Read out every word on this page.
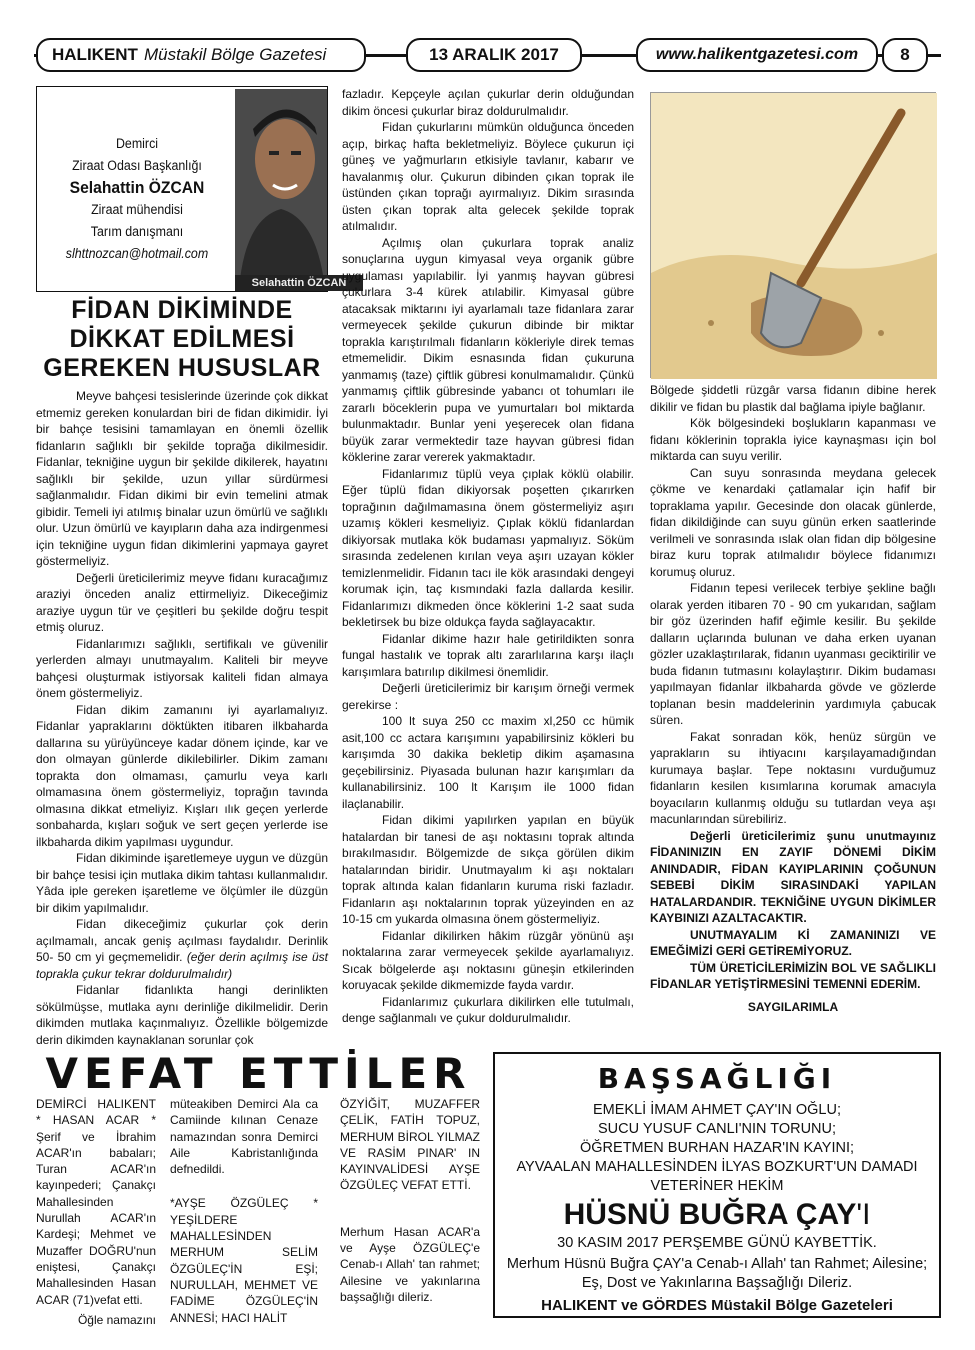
HALIKENT Müstakil Bölge Gazetesi	13 ARALIK 2017	www.halikentgazetesi.com	8
Demirci
Ziraat Odası Başkanlığı
Selahattin ÖZCAN
Ziraat mühendisi
Tarım danışmanı
slhttnozcan@hotmail.com
Selahattin ÖZCAN
FİDAN DİKİMİNDE DİKKAT EDİLMESİ GEREKEN HUSUSLAR

Meyve bahçesi tesislerinde üzerinde çok dikkat etmemiz gereken konulardan biri de fidan dikimidir. İyi bir bahçe tesisini tamamlayan en önemli özellik fidanların sağlıklı bir şekilde toprağa dikilmesidir. Fidanlar, tekniğine uygun bir şekilde dikilerek, hayatını sağlıklı bir şekilde, uzun yıllar sürdürmesi sağlanmalıdır. Fidan dikimi bir evin temelini atmak gibidir. Temeli iyi atılmış binalar uzun ömürlü ve sağlıklı olur. Uzun ömürlü ve kayıpların daha aza indirgenmesi için tekniğine uygun fidan dikimlerini yapmaya gayret göstermeliyiz.

Değerli üreticilerimiz meyve fidanı kuracağımız araziyi önceden analiz ettirmeliyiz. Dikeceğimiz araziye uygun tür ve çeşitleri bu şekilde doğru tespit etmiş oluruz.

Fidanlarımızı sağlıklı, sertifikalı ve güvenilir yerlerden almayı unutmayalım. Kaliteli bir meyve bahçesi oluşturmak istiyorsak kaliteli fidan almaya önem göstermeliyiz.

Fidan dikim zamanını iyi ayarlamalıyız. Fidanlar yapraklarını döktükten itibaren ilkbaharda dallarına su yürüyünceye kadar dönem içinde, kar ve don olmayan günlerde dikilebilirler. Dikim zamanı toprakta don olmaması, çamurlu veya karlı olmamasına önem göstermeliyiz, toprağın tavında olmasına dikkat etmeliyiz. Kışları ılık geçen yerlerde sonbaharda, kışları soğuk ve sert geçen yerlerde ise ilkbaharda dikim yapılması uygundur.

Fidan dikiminde işaretlemeye uygun ve düzgün bir bahçe tesisi için mutlaka dikim tahtası kullanmalıdır. Yâda iple gereken işaretleme ve ölçümler ile düzgün bir dikim yapılmalıdır.

Fidan dikeceğimiz çukurlar çok derin açılmamalı, ancak geniş açılması faydalıdır. Derinlik 50- 50 cm yi geçmemelidir. (eğer derin açılmış ise üst toprakla çukur tekrar doldurulmalıdır)

Fidanlar fidanlıkta hangi derinlikten sökülmüşse, mutlaka aynı derinliğe dikilmelidir. Derin dikimden mutlaka kaçınmalıyız. Özellikle bölgemizde derin dikimden kaynaklanan sorunlar çok

fazladır. Kepçeyle açılan çukurlar derin olduğundan dikim öncesi çukurlar biraz doldurulmalıdır.

Fidan çukurlarını mümkün olduğunca önceden açıp, birkaç hafta bekletmeliyiz. Böylece çukurun içi güneş ve yağmurların etkisiyle tavlanır, kabarır ve havalanmış olur. Çukurun dibinden çıkan toprak ile üstünden çıkan toprağı ayırmalıyız. Dikim sırasında üsten çıkan toprak alta gelecek şekilde toprak atılmalıdır.

Açılmış olan çukurlara toprak analiz sonuçlarına uygun kimyasal veya organik gübre uygulaması yapılabilir. İyi yanmış hayvan gübresi çukurlara 3-4 kürek atılabilir. Kimyasal gübre atacaksak miktarını iyi ayarlamalı taze fidanlara zarar vermeyecek şekilde çukurun dibinde bir miktar toprakla karıştırılmalı fidanların kökleriyle direk temas etmemelidir. Dikim esnasında fidan çukuruna yanmamış (taze) çiftlik gübresi konulmamalıdır. Çünkü yanmamış çiftlik gübresinde yabancı ot tohumları ile zararlı böceklerin pupa ve yumurtaları bol miktarda bulunmaktadır. Bunlar yeni yeşerecek olan fidana büyük zarar vermektedir taze hayvan gübresi fidan köklerine zarar vererek yakmaktadır.

Fidanlarımız tüplü veya çıplak köklü olabilir. Eğer tüplü fidan dikiyorsak poşetten çıkarırken toprağının dağılmamasına önem göstermeliyiz aşırı uzamış kökleri kesmeliyiz. Çıplak köklü fidanlardan dikiyorsak mutlaka kök budaması yapmalıyız. Söküm sırasında zedelenen kırılan veya aşırı uzayan kökler temizlenmelidir. Fidanın tacı ile kök arasındaki dengeyi korumak için, taç kısmındaki fazla dallarda kesilir. Fidanlarımızı dikmeden önce köklerini 1-2 saat suda bekletirsek bu bize oldukça fayda sağlayacaktır.

Fidanlar dikime hazır hale getirildikten sonra fungal hastalık ve toprak altı zararlılarına karşı ilaçlı karışımlara batırılıp dikilmesi önemlidir.

Değerli üreticilerimiz bir karışım örneği vermek gerekirse :

100 lt suya 250 cc maxim xl,250 cc hümik asit,100 cc actara karışımını yapabilirsiniz kökleri bu karışımda 30 dakika bekletip dikim aşamasına geçebilirsiniz. Piyasada bulunan hazır karışımları da kullanabilirsiniz. 100 lt Karışım ile 1000 fidan ilaçlanabilir.

Fidan dikimi yapılırken yapılan en büyük hatalardan bir tanesi de aşı noktasını toprak altında bırakılmasıdır. Bölgemizde de sıkça görülen dikim hatalarından biridir. Unutmayalım ki aşı noktaları toprak altında kalan fidanların kuruma riski fazladır. Fidanların aşı noktalarının toprak yüzeyinden en az 10-15 cm yukarda olmasına önem göstermeliyiz.

Fidanlar dikilirken hâkim rüzgâr yönünü aşı noktalarına zarar vermeyecek şekilde ayarlamalıyız. Sıcak bölgelerde aşı noktasını güneşin etkilerinden koruyacak şekilde dikmemizde fayda vardır.

Fidanlarımız çukurlara dikilirken elle tutulmalı, denge sağlanmalı ve çukur doldurulmalıdır.

Bölgede şiddetli rüzgâr varsa fidanın dibine herek dikilir ve fidan bu plastik dal bağlama ipiyle bağlanır.

Kök bölgesindeki boşlukların kapanması ve fidanı köklerinin toprakla iyice kaynaşması için bol miktarda can suyu verilir.

Can suyu sonrasında meydana gelecek çökme ve kenardaki çatlamalar için hafif bir topraklama yapılır. Gecesinde don olacak günlerde, fidan dikildiğinde can suyu günün erken saatlerinde verilmeli ve sonrasında ıslak olan fidan dip bölgesine biraz kuru toprak atılmalıdır böylece fidanımızı korumuş oluruz.

Fidanın tepesi verilecek terbiye şekline bağlı olarak yerden itibaren 70 - 90 cm yukarıdan, sağlam bir göz üzerinden hafif eğimle kesilir. Bu şekilde dalların uçlarında bulunan ve daha erken uyanan gözler uzaklaştırılarak, fidanın uyanması geciktirilir ve buda fidanın tutmasını kolaylaştırır. Dikim budaması yapılmayan fidanlar ilkbaharda gövde ve gözlerde toplanan besin maddelerinin yardımıyla çabucak süren.

Fakat sonradan kök, henüz sürgün ve yaprakların su ihtiyacını karşılayamadığından kurumaya başlar. Tepe noktasını vurduğumuz fidanların kesilen kısımlarına korumak amacıyla boyacıların kullanmış olduğu su tutlardan veya aşı macunlarından sürebiliriz.

Değerli üreticilerimiz şunu unutmayınız FİDANINIZIN EN ZAYIF DÖNEMİ DİKİM ANINDADIR, FİDAN KAYIPLARININ ÇOĞUNUN SEBEBİ DİKİM SIRASINDAKİ YAPILAN HATALARDANDIR. TEKNİĞİNE UYGUN DİKİMLER KAYBINIZI AZALTACAKTIR.

UNUTMAYALIM Kİ ZAMANINIZI VE EMEĞİMİZİ GERİ GETİREMİYORUZ.

TÜM ÜRETİCİLERİMİZİN BOL VE SAĞLIKLI FİDANLAR YETİŞTİRMESİNİ TEMENNİ EDERİM.

SAYGILARIMLA

VEFAT ETTİLER

DEMİRCİ HALIKENT * HASAN ACAR * Şerif ve İbrahim ACAR'ın babaları; Turan ACAR'ın kayınpederi; Çanakçı Mahallesinden Nurullah ACAR'ın Kardeşi; Mehmet ve Muzaffer DOĞRU'nun eniştesi, Çanakçı Mahallesinden Hasan ACAR (71)vefat etti.

Öğle namazını

müteakiben Demirci Ala ca Camiinde kılınan Cenaze namazından sonra Demirci Aile Kabristanlığında defnedildi.

*AYŞE ÖZGÜLEÇ * YEŞİLDERE MAHALLESİNDEN MERHUM SELİM ÖZGÜLEÇ'İN EŞİ; NURULLAH, MEHMET VE FADİME ÖZGÜLEÇ'İN ANNESİ; HACI HALİT

ÖZYİĞİT, MUZAFFER ÇELİK, FATİH TOPUZ, MERHUM BİROL YILMAZ VE RASİM PINAR' IN KAYINVALİDESİ AYŞE ÖZGÜLEÇ VEFAT ETTİ.

Merhum Hasan ACAR'a ve Ayşe ÖZGÜLEÇ'e Cenab-ı Allah' tan rahmet; Ailesine ve yakınlarına başsağlığı dileriz.

BAŞSAĞLIĞI
EMEKLİ İMAM AHMET ÇAY'IN OĞLU;
SUCU YUSUF CANLI'NIN TORUNU;
ÖĞRETMEN BURHAN HAZAR'IN KAYINI;
AYVAALAN MAHALLESİNDEN İLYAS BOZKURT'UN DAMADI
VETERİNER HEKİM
HÜSNÜ BUĞRA ÇAY'I
30 KASIM 2017 PERŞEMBE GÜNÜ KAYBETTİK.
Merhum Hüsnü Buğra ÇAY'a Cenab-ı Allah' tan Rahmet; Ailesine; Eş, Dost ve Yakınlarına Başsağlığı Dileriz.
HALIKENT ve GÖRDES Müstakil Bölge Gazeteleri
